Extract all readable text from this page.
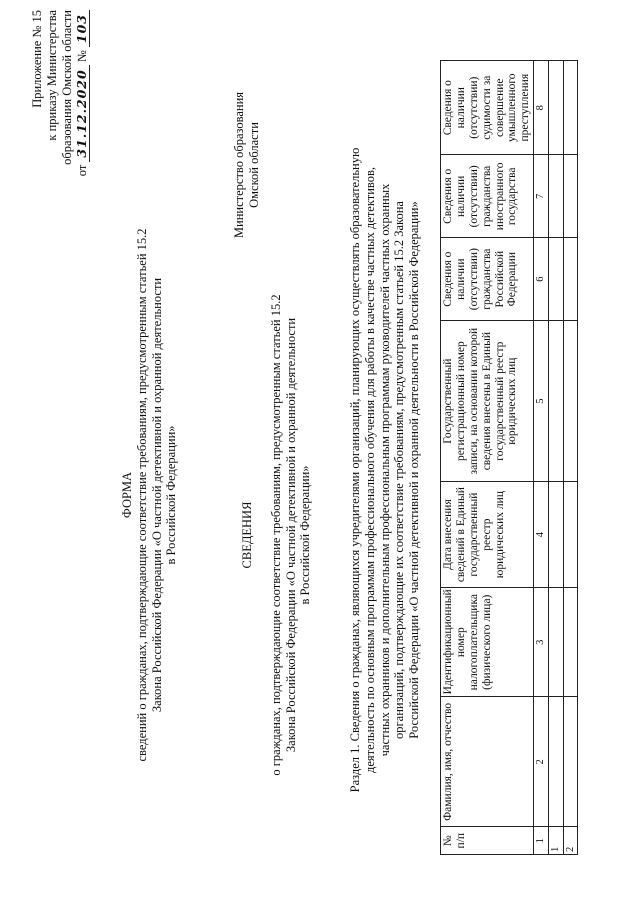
Приложение № 15 к приказу Министерства образования Омской области
от 31.12.2020 № 103
ФОРМА сведений о гражданах, подтверждающие соответствие требованиям, предусмотренным статьей 15.2 Закона Российской Федерации «О частной детективной и охранной деятельности в Российской Федерации»
Министерство образования Омской области
СВЕДЕНИЯ о гражданах, подтверждающие соответствие требованиям, предусмотренным статьей 15.2 Закона Российской Федерации «О частной детективной и охранной деятельности в Российской Федерации»	Раздел 1. Сведения о гражданах, являющихся учредителями организаций, планирующих осуществлять образовательную деятельность по основным программам профессионального обучения для работы в качестве частных детективов, частных охранников и дополнительным профессиональным программам руководителей частных охранных организаций, подтверждающие их соответствие требованиям, предусмотренным статьей 15.2 Закона Российской Федерации «О частной детективной и охранной деятельности в Российской Федерации»
№ п/п	Фамилия, имя, отчество	Идентификационный номер налогоплательщика (физического лица)	Дата внесения сведений в Единый государственный реестр юридических лиц	Государственный регистрационный номер записи, на основании которой сведения внесены в Единый государственный реестр юридических лиц	Сведения о наличии (отсутствии) гражданства Российской Федерации	Сведения о наличии (отсутствии) гражданства иностранного государства	Сведения о наличии (отсутствии) судимости за совершение умышленного преступления
1	2	3	4	5	6	7	8
1							
2							
